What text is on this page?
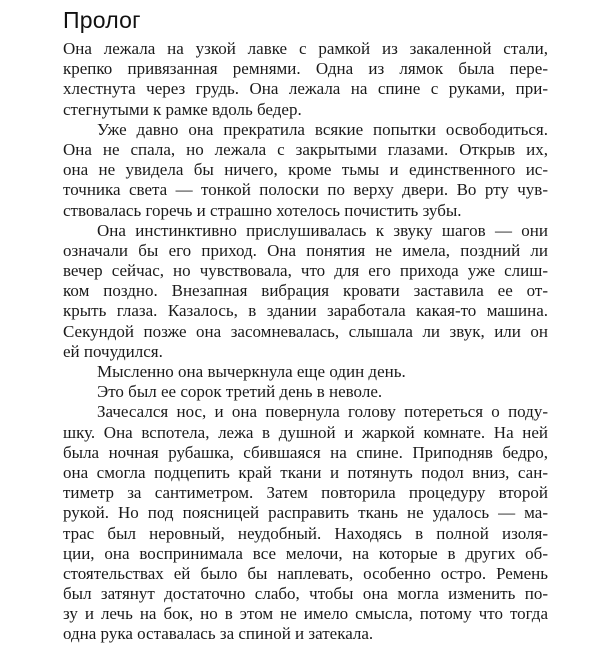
Пролог
Она лежала на узкой лавке с рамкой из закаленной стали,
крепко привязанная ремнями. Одна из лямок была пере-
хлестнута через грудь. Она лежала на спине с руками, при-
стегнутыми к рамке вдоль бедер.
Уже давно она прекратила всякие попытки освободиться.
Она не спала, но лежала с закрытыми глазами. Открыв их,
она не увидела бы ничего, кроме тьмы и единственного ис-
точника света — тонкой полоски по верху двери. Во рту чув-
ствовалась горечь и страшно хотелось почистить зубы.
Она инстинктивно прислушивалась к звуку шагов — они
означали бы его приход. Она понятия не имела, поздний ли
вечер сейчас, но чувствовала, что для его прихода уже слиш-
ком поздно. Внезапная вибрация кровати заставила ее от-
крыть глаза. Казалось, в здании заработала какая-то машина.
Секундой позже она засомневалась, слышала ли звук, или он
ей почудился.
Мысленно она вычеркнула еще один день.
Это был ее сорок третий день в неволе.
Зачесался нос, и она повернула голову потереться о поду-
шку. Она вспотела, лежа в душной и жаркой комнате. На ней
была ночная рубашка, сбившаяся на спине. Приподняв бедро,
она смогла подцепить край ткани и потянуть подол вниз, сан-
тиметр за сантиметром. Затем повторила процедуру второй
рукой. Но под поясницей расправить ткань не удалось — ма-
трас был неровный, неудобный. Находясь в полной изоля-
ции, она воспринимала все мелочи, на которые в других об-
стоятельствах ей было бы наплевать, особенно остро. Ремень
был затянут достаточно слабо, чтобы она могла изменить по-
зу и лечь на бок, но в этом не имело смысла, потому что тогда
одна рука оставалась за спиной и затекала.
